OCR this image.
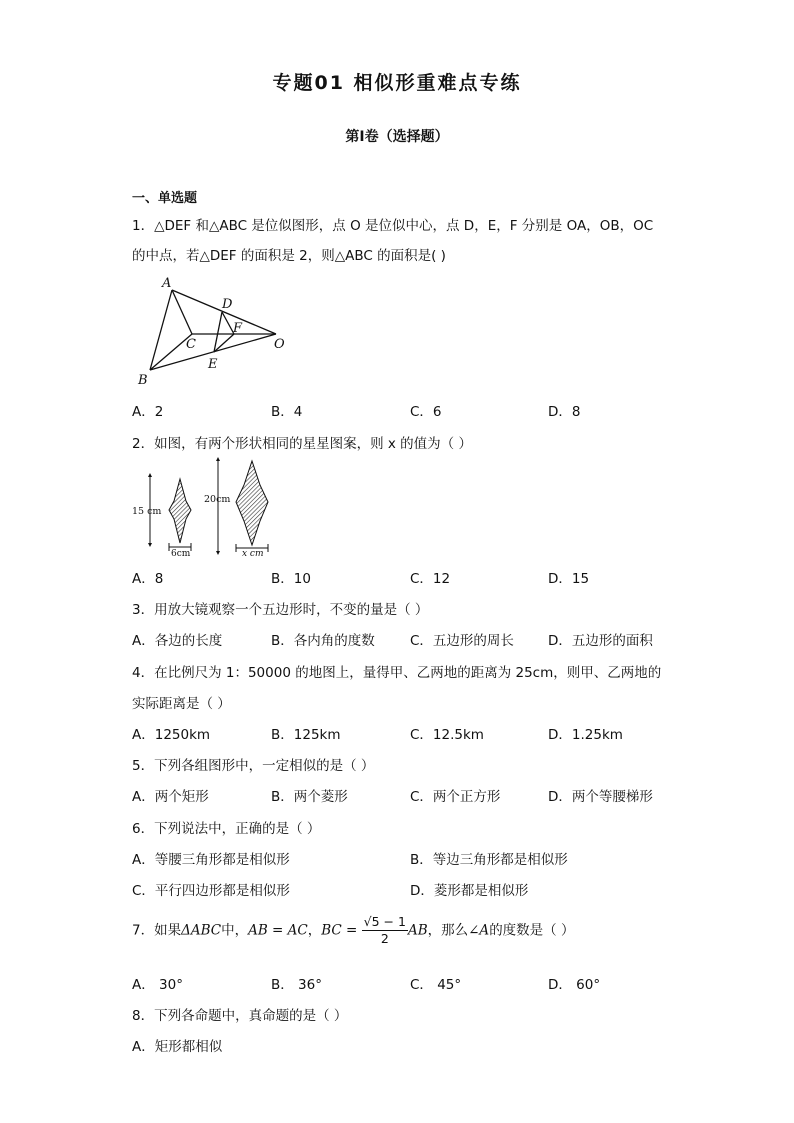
专题01 相似形重难点专练
第I卷（选择题）
一、单选题
1．△DEF 和△ABC 是位似图形，点 O 是位似中心，点 D，E，F 分别是 OA，OB，OC
的中点，若△DEF 的面积是 2，则△ABC 的面积是( )
A
B
C
D
E
F
O
A．2	B．4	C．6	D．8
2．如图，有两个形状相同的星星图案，则 x 的值为（ ）
15 cm
6cm
20cm
x cm
A．8	B．10	C．12	D．15
3．用放大镜观察一个五边形时，不变的量是（ ）
A．各边的长度	B．各内角的度数	C．五边形的周长	D．五边形的面积
4．在比例尺为 1：50000 的地图上，量得甲、乙两地的距离为 25cm，则甲、乙两地的
实际距离是（ ）
A．1250km	B．125km	C．12.5km	D．1.25km
5．下列各组图形中，一定相似的是（ ）
A．两个矩形	B．两个菱形	C．两个正方形	D．两个等腰梯形
6．下列说法中，正确的是（ ）
A．等腰三角形都是相似形	B．等边三角形都是相似形
C．平行四边形都是相似形	D．菱形都是相似形
7．如果ΔABC中，AB = AC，BC = $\frac{√5 - 1}{2}$ AB，那么∠A的度数是（ ）
A． 30°	B． 36°	C． 45°	D． 60°
8．下列各命题中，真命题的是（ ）
A．矩形都相似
